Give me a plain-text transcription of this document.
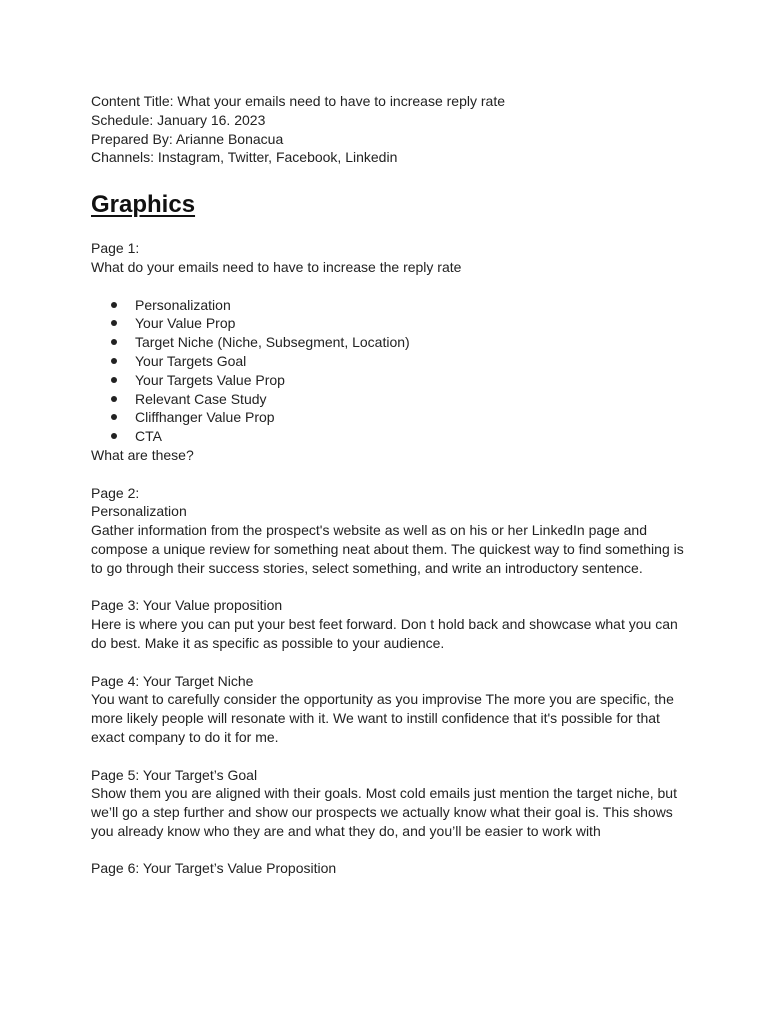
Content Title: What your emails need to have to increase reply rate

Schedule: January 16. 2023

Prepared By: Arianne Bonacua

Channels: Instagram, Twitter, Facebook, Linkedin

Graphics

Page 1:

What do your emails need to have to increase the reply rate

Personalization
Your Value Prop
Target Niche (Niche, Subsegment, Location)
Your Targets Goal
Your Targets Value Prop
Relevant Case Study
Cliffhanger Value Prop
CTA

What are these?

Page 2:

Personalization

Gather information from the prospect's website as well as on his or her LinkedIn page and

compose a unique review for something neat about them. The quickest way to find something is

to go through their success stories, select something, and write an introductory sentence.

Page 3: Your Value proposition

Here is where you can put your best feet forward. Don t hold back and showcase what you can

do best. Make it as specific as possible to your audience.

Page 4: Your Target Niche

You want to carefully consider the opportunity as you improvise The more you are specific, the

more likely people will resonate with it. We want to instill confidence that it's possible for that

exact company to do it for me.

Page 5: Your Target’s Goal

Show them you are aligned with their goals. Most cold emails just mention the target niche, but

we’ll go a step further and show our prospects we actually know what their goal is. This shows

you already know who they are and what they do, and you’ll be easier to work with

Page 6: Your Target’s Value Proposition
